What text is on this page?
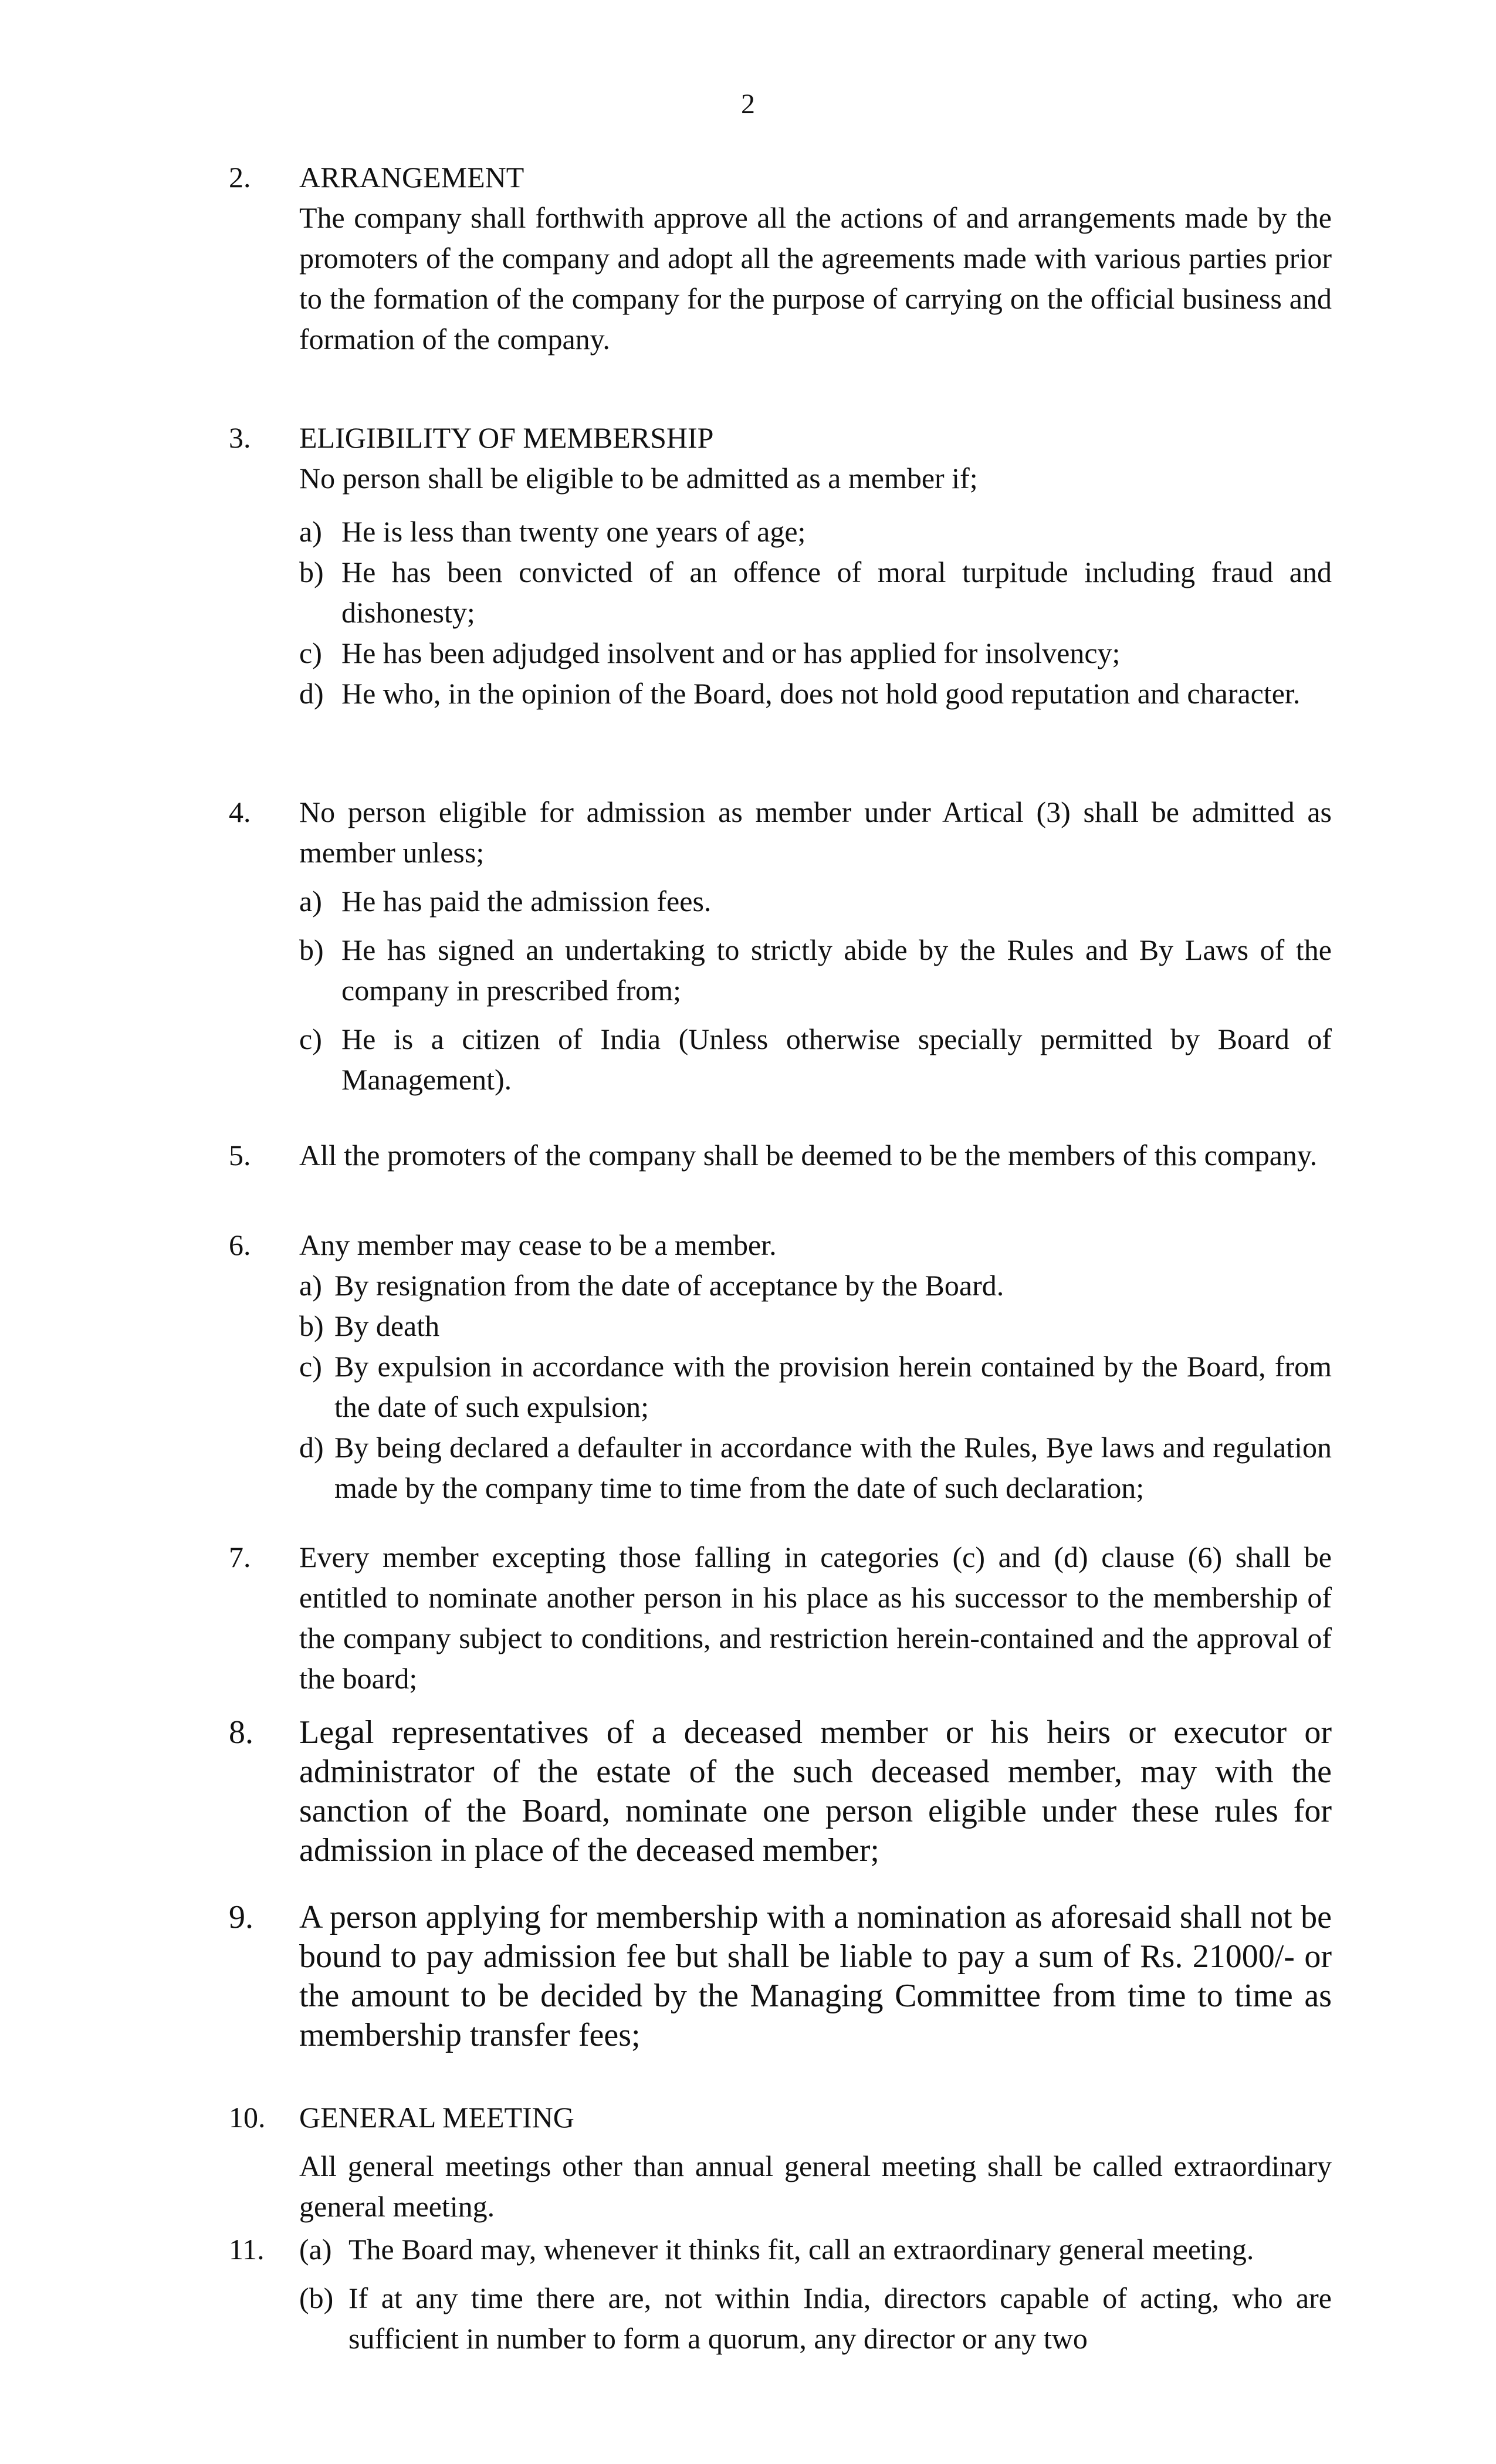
2
2. ARRANGEMENT
The company shall forthwith approve all the actions of and arrangements made by the promoters of the company and adopt all the agreements made with various parties prior to the formation of the company for the purpose of carrying on the official business and formation of the company.
3. ELIGIBILITY OF MEMBERSHIP
No person shall be eligible to be admitted as a member if;
a) He is less than twenty one years of age;
b) He has been convicted of an offence of moral turpitude including fraud and dishonesty;
c) He has been adjudged insolvent and or has applied for insolvency;
d) He who, in the opinion of the Board, does not hold good reputation and character.
4. No person eligible for admission as member under Artical (3) shall be admitted as member unless;
a) He has paid the admission fees.
b) He has signed an undertaking to strictly abide by the Rules and By Laws of the company in prescribed from;
c) He is a citizen of India (Unless otherwise specially permitted by Board of Management).
5. All the promoters of the company shall be deemed to be the members of this company.
6. Any member may cease to be a member.
a) By resignation from the date of acceptance by the Board.
b) By death
c) By expulsion in accordance with the provision herein contained by the Board, from the date of such expulsion;
d) By being declared a defaulter in accordance with the Rules, Bye laws and regulation made by the company time to time from the date of such declaration;
7. Every member excepting those falling in categories (c) and (d) clause (6) shall be entitled to nominate another person in his place as his successor to the membership of the company subject to conditions, and restriction herein-contained and the approval of the board;
8. Legal representatives of a deceased member or his heirs or executor or administrator of the estate of the such deceased member, may with the sanction of the Board, nominate one person eligible under these rules for admission in place of the deceased member;
9. A person applying for membership with a nomination as aforesaid shall not be bound to pay admission fee but shall be liable to pay a sum of Rs. 21000/- or the amount to be decided by the Managing Committee from time to time as membership transfer fees;
10. GENERAL MEETING
All general meetings other than annual general meeting shall be called extraordinary general meeting.
11. (a) The Board may, whenever it thinks fit, call an extraordinary general meeting.
(b) If at any time there are, not within India, directors capable of acting, who are sufficient in number to form a quorum, any director or any two
